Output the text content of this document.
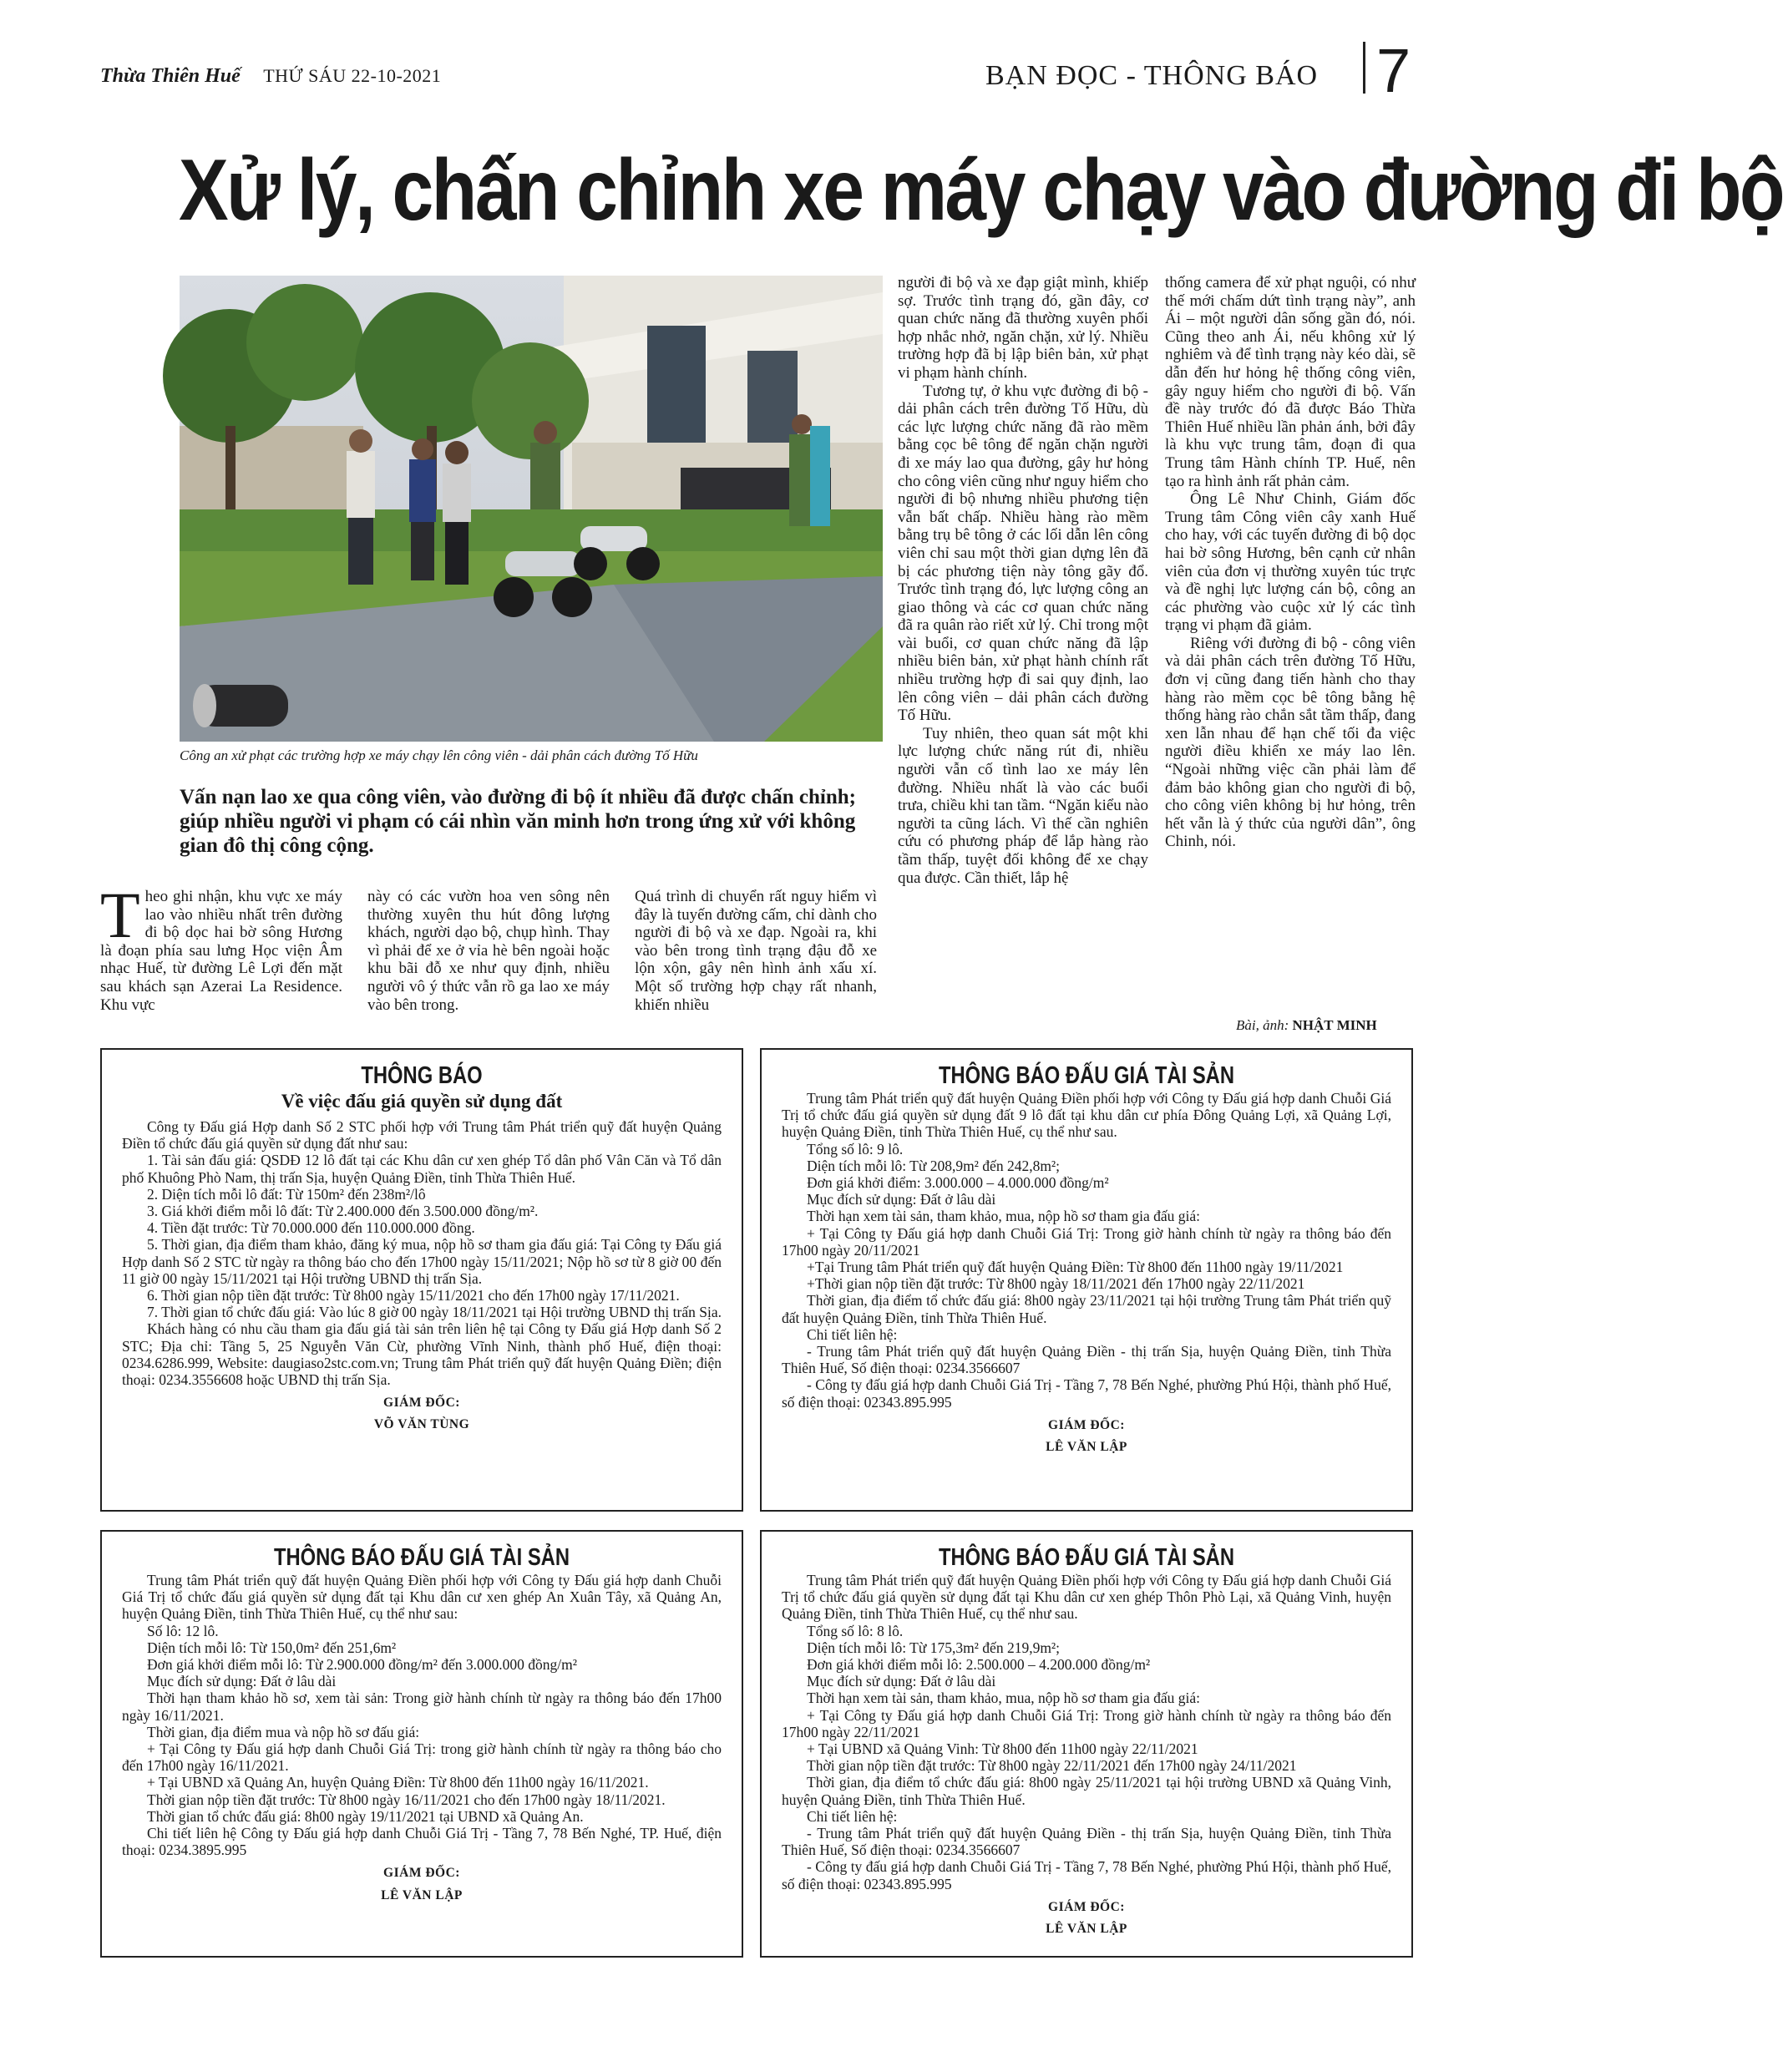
Thừa Thiên Huế THỨ SÁU 22-10-2021	BẠN ĐỌC - THÔNG BÁO 7
Xử lý, chấn chỉnh xe máy chạy vào đường đi bộ
Công an xử phạt các trường hợp xe máy chạy lên công viên - dải phân cách đường Tố Hữu
Vấn nạn lao xe qua công viên, vào đường đi bộ ít nhiều đã được chấn chỉnh; giúp nhiều người vi phạm có cái nhìn văn minh hơn trong ứng xử với không gian đô thị công cộng.

Theo ghi nhận, khu vực xe máy lao vào nhiều nhất trên đường đi bộ dọc hai bờ sông Hương là đoạn phía sau lưng Học viện Âm nhạc Huế, từ đường Lê Lợi đến mặt sau khách sạn Azerai La Residence. Khu vực

này có các vườn hoa ven sông nên thường xuyên thu hút đông lượng khách, người dạo bộ, chụp hình. Thay vì phải để xe ở vỉa hè bên ngoài hoặc khu bãi đỗ xe như quy định, nhiều người vô ý thức vẫn rồ ga lao xe máy vào bên trong.

Quá trình di chuyển rất nguy hiểm vì đây là tuyến đường cấm, chỉ dành cho người đi bộ và xe đạp. Ngoài ra, khi vào bên trong tình trạng đậu đỗ xe lộn xộn, gây nên hình ảnh xấu xí. Một số trường hợp chạy rất nhanh, khiến nhiều

người đi bộ và xe đạp giật mình, khiếp sợ. Trước tình trạng đó, gần đây, cơ quan chức năng đã thường xuyên phối hợp nhắc nhở, ngăn chặn, xử lý. Nhiều trường hợp đã bị lập biên bản, xử phạt vi phạm hành chính.

Tương tự, ở khu vực đường đi bộ - dải phân cách trên đường Tố Hữu, dù các lực lượng chức năng đã rào mềm bằng cọc bê tông để ngăn chặn người đi xe máy lao qua đường, gây hư hỏng cho công viên cũng như nguy hiểm cho người đi bộ nhưng nhiều phương tiện vẫn bất chấp. Nhiều hàng rào mềm bằng trụ bê tông ở các lối dẫn lên công viên chỉ sau một thời gian dựng lên đã bị các phương tiện này tông gãy đổ. Trước tình trạng đó, lực lượng công an giao thông và các cơ quan chức năng đã ra quân rào riết xử lý. Chỉ trong một vài buổi, cơ quan chức năng đã lập nhiều biên bản, xử phạt hành chính rất nhiều trường hợp đi sai quy định, lao lên công viên – dải phân cách đường Tố Hữu.

Tuy nhiên, theo quan sát một khi lực lượng chức năng rút đi, nhiều người vẫn cố tình lao xe máy lên đường. Nhiều nhất là vào các buổi trưa, chiều khi tan tầm. “Ngăn kiểu nào người ta cũng lách. Vì thế cần nghiên cứu có phương pháp để lắp hàng rào tầm thấp, tuyệt đối không để xe chạy qua được. Cần thiết, lắp hệ

thống camera để xử phạt nguội, có như thế mới chấm dứt tình trạng này”, anh Ái – một người dân sống gần đó, nói. Cũng theo anh Ái, nếu không xử lý nghiêm và để tình trạng này kéo dài, sẽ dẫn đến hư hỏng hệ thống công viên, gây nguy hiểm cho người đi bộ. Vấn đề này trước đó đã được Báo Thừa Thiên Huế nhiều lần phản ánh, bởi đây là khu vực trung tâm, đoạn đi qua Trung tâm Hành chính TP. Huế, nên tạo ra hình ảnh rất phản cảm.

Ông Lê Như Chinh, Giám đốc Trung tâm Công viên cây xanh Huế cho hay, với các tuyến đường đi bộ dọc hai bờ sông Hương, bên cạnh cử nhân viên của đơn vị thường xuyên túc trực và đề nghị lực lượng cán bộ, công an các phường vào cuộc xử lý các tình trạng vi phạm đã giảm.

Riêng với đường đi bộ - công viên và dải phân cách trên đường Tố Hữu, đơn vị cũng đang tiến hành cho thay hàng rào mềm cọc bê tông bằng hệ thống hàng rào chắn sắt tầm thấp, đang xen lẫn nhau để hạn chế tối đa việc người điều khiển xe máy lao lên. “Ngoài những việc cần phải làm để đảm bảo không gian cho người đi bộ, cho công viên không bị hư hỏng, trên hết vẫn là ý thức của người dân”, ông Chinh, nói.

Bài, ảnh: NHẬT MINH
THÔNG BÁO
Về việc đấu giá quyền sử dụng đất

Công ty Đấu giá Hợp danh Số 2 STC phối hợp với Trung tâm Phát triển quỹ đất huyện Quảng Điền tổ chức đấu giá quyền sử dụng đất như sau:

1. Tài sản đấu giá: QSDĐ 12 lô đất tại các Khu dân cư xen ghép Tổ dân phố Vân Căn và Tổ dân phố Khuông Phò Nam, thị trấn Sịa, huyện Quảng Điền, tỉnh Thừa Thiên Huế.

2. Diện tích mỗi lô đất: Từ 150m² đến 238m²/lô

3. Giá khởi điểm mỗi lô đất: Từ 2.400.000 đến 3.500.000 đồng/m².

4. Tiền đặt trước: Từ 70.000.000 đến 110.000.000 đồng.

5. Thời gian, địa điểm tham khảo, đăng ký mua, nộp hồ sơ tham gia đấu giá: Tại Công ty Đấu giá Hợp danh Số 2 STC từ ngày ra thông báo cho đến 17h00 ngày 15/11/2021; Nộp hồ sơ từ 8 giờ 00 đến 11 giờ 00 ngày 15/11/2021 tại Hội trường UBND thị trấn Sịa.

6. Thời gian nộp tiền đặt trước: Từ 8h00 ngày 15/11/2021 cho đến 17h00 ngày 17/11/2021.

7. Thời gian tổ chức đấu giá: Vào lúc 8 giờ 00 ngày 18/11/2021 tại Hội trường UBND thị trấn Sịa.

Khách hàng có nhu cầu tham gia đấu giá tài sản trên liên hệ tại Công ty Đấu giá Hợp danh Số 2 STC; Địa chỉ: Tầng 5, 25 Nguyễn Văn Cừ, phường Vĩnh Ninh, thành phố Huế, điện thoại: 0234.6286.999, Website: daugiaso2stc.com.vn; Trung tâm Phát triển quỹ đất huyện Quảng Điền; điện thoại: 0234.3556608 hoặc UBND thị trấn Sịa.

GIÁM ĐỐC:
VÕ VĂN TÙNG
THÔNG BÁO ĐẤU GIÁ TÀI SẢN

Trung tâm Phát triển quỹ đất huyện Quảng Điền phối hợp với Công ty Đấu giá hợp danh Chuỗi Giá Trị tổ chức đấu giá quyền sử dụng đất 9 lô đất tại khu dân cư phía Đông Quảng Lợi, xã Quảng Lợi, huyện Quảng Điền, tỉnh Thừa Thiên Huế, cụ thể như sau.

Tổng số lô: 9 lô.

Diện tích mỗi lô: Từ 208,9m² đến 242,8m²;

Đơn giá khởi điểm: 3.000.000 – 4.000.000 đồng/m²

Mục đích sử dụng: Đất ở lâu dài

Thời hạn xem tài sản, tham khảo, mua, nộp hồ sơ tham gia đấu giá:

+ Tại Công ty Đấu giá hợp danh Chuỗi Giá Trị: Trong giờ hành chính từ ngày ra thông báo đến 17h00 ngày 20/11/2021

+Tại Trung tâm Phát triển quỹ đất huyện Quảng Điền: Từ 8h00 đến 11h00 ngày 19/11/2021

+Thời gian nộp tiền đặt trước: Từ 8h00 ngày 18/11/2021 đến 17h00 ngày 22/11/2021

Thời gian, địa điểm tổ chức đấu giá: 8h00 ngày 23/11/2021 tại hội trường Trung tâm Phát triển quỹ đất huyện Quảng Điền, tỉnh Thừa Thiên Huế.

Chi tiết liên hệ:

- Trung tâm Phát triển quỹ đất huyện Quảng Điền - thị trấn Sịa, huyện Quảng Điền, tỉnh Thừa Thiên Huế, Số điện thoại: 0234.3566607

- Công ty đấu giá hợp danh Chuỗi Giá Trị - Tầng 7, 78 Bến Nghé, phường Phú Hội, thành phố Huế, số điện thoại: 02343.895.995

GIÁM ĐỐC:
LÊ VĂN LẬP
THÔNG BÁO ĐẤU GIÁ TÀI SẢN

Trung tâm Phát triển quỹ đất huyện Quảng Điền phối hợp với Công ty Đấu giá hợp danh Chuỗi Giá Trị tổ chức đấu giá quyền sử dụng đất tại Khu dân cư xen ghép An Xuân Tây, xã Quảng An, huyện Quảng Điền, tỉnh Thừa Thiên Huế, cụ thể như sau:

Số lô: 12 lô.

Diện tích mỗi lô: Từ 150,0m² đến 251,6m²

Đơn giá khởi điểm mỗi lô: Từ 2.900.000 đồng/m² đến 3.000.000 đồng/m²

Mục đích sử dụng: Đất ở lâu dài

Thời hạn tham khảo hồ sơ, xem tài sản: Trong giờ hành chính từ ngày ra thông báo đến 17h00 ngày 16/11/2021.

Thời gian, địa điểm mua và nộp hồ sơ đấu giá:

+ Tại Công ty Đấu giá hợp danh Chuỗi Giá Trị: trong giờ hành chính từ ngày ra thông báo cho đến 17h00 ngày 16/11/2021.

+ Tại UBND xã Quảng An, huyện Quảng Điền: Từ 8h00 đến 11h00 ngày 16/11/2021.

Thời gian nộp tiền đặt trước: Từ 8h00 ngày 16/11/2021 cho đến 17h00 ngày 18/11/2021.

Thời gian tổ chức đấu giá: 8h00 ngày 19/11/2021 tại UBND xã Quảng An.

Chi tiết liên hệ Công ty Đấu giá hợp danh Chuỗi Giá Trị - Tầng 7, 78 Bến Nghé, TP. Huế, điện thoại: 0234.3895.995

GIÁM ĐỐC:
LÊ VĂN LẬP
THÔNG BÁO ĐẤU GIÁ TÀI SẢN

Trung tâm Phát triển quỹ đất huyện Quảng Điền phối hợp với Công ty Đấu giá hợp danh Chuỗi Giá Trị tổ chức đấu giá quyền sử dụng đất tại Khu dân cư xen ghép Thôn Phò Lại, xã Quảng Vinh, huyện Quảng Điền, tỉnh Thừa Thiên Huế, cụ thể như sau.

Tổng số lô: 8 lô.

Diện tích mỗi lô: Từ 175,3m² đến 219,9m²;

Đơn giá khởi điểm mỗi lô: 2.500.000 – 4.200.000 đồng/m²

Mục đích sử dụng: Đất ở lâu dài

Thời hạn xem tài sản, tham khảo, mua, nộp hồ sơ tham gia đấu giá:

+ Tại Công ty Đấu giá hợp danh Chuỗi Giá Trị: Trong giờ hành chính từ ngày ra thông báo đến 17h00 ngày 22/11/2021

+ Tại UBND xã Quảng Vinh: Từ 8h00 đến 11h00 ngày 22/11/2021

Thời gian nộp tiền đặt trước: Từ 8h00 ngày 22/11/2021 đến 17h00 ngày 24/11/2021

Thời gian, địa điểm tổ chức đấu giá: 8h00 ngày 25/11/2021 tại hội trường UBND xã Quảng Vinh, huyện Quảng Điền, tỉnh Thừa Thiên Huế.

Chi tiết liên hệ:

- Trung tâm Phát triển quỹ đất huyện Quảng Điền - thị trấn Sịa, huyện Quảng Điền, tỉnh Thừa Thiên Huế, Số điện thoại: 0234.3566607

- Công ty đấu giá hợp danh Chuỗi Giá Trị - Tầng 7, 78 Bến Nghé, phường Phú Hội, thành phố Huế, số điện thoại: 02343.895.995

GIÁM ĐỐC:
LÊ VĂN LẬP
